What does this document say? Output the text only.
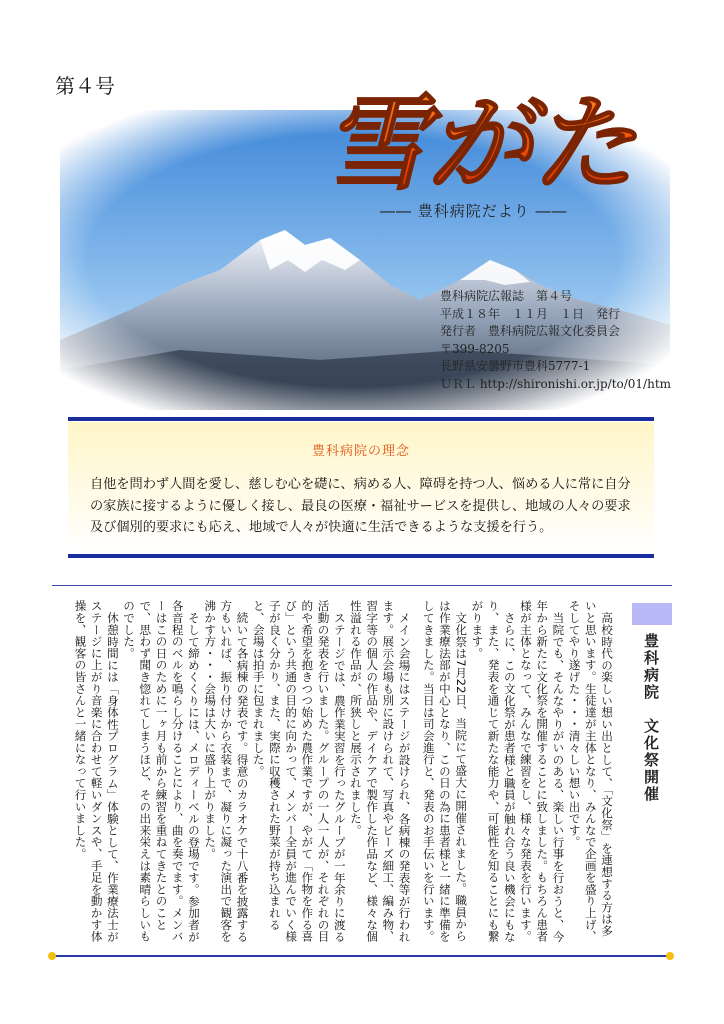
第４号 雪がた
―― 豊科病院だより ――
豊科病院広報誌　第４号
平成１８年　１１月　１日　発行
発行者　豊科病院広報文化委員会
〒399-8205
長野県安曇野市豊科5777-1
ＵＲＬ http://shironishi.or.jp/to/01/htm
豊科病院の理念
自他を問わず人間を愛し、慈しむ心を礎に、病める人、障碍を持つ人、悩める人に常に自分の家族に接するように優しく接し、最良の医療・福祉サービスを提供し、地域の人々の要求及び個別的要求にも応え、地域で人々が快適に生活できるような支援を行う。
豊科病院　文化祭開催

高校時代の楽しい想い出として、「文化祭」を連想する方は多いと思います。生徒達が主体となり、みんなで企画を盛り上げ、そしてやり遂げた・・・清々しい想い出です。

当院でも、そんなやりがいのある、楽しい行事を行おうと、今年から新たに文化祭を開催することに致しました。もちろん患者様が主体となって、みんなで練習をし、様々な発表を行います。

さらに、この文化祭が患者様と職員が触れ合う良い機会にもなり、また、発表を通じて新たな能力や、可能性を知ることにも繋がります。

文化祭は7月22日、当院にて盛大に開催されました。職員からは作業療法部が中心となり、この日の為に患者様と一緒に準備をしてきました。当日は司会進行と、発表のお手伝いを行います。

メイン会場にはステージが設けられ、各病棟の発表等が行われます。展示会場も別に設けられて、写真やビーズ細工、編み物、習字等の個人の作品や、デイケアで製作した作品など、様々な個性溢れる作品が、所狭しと展示されました。

ステージでは、農作業実習を行ったグループが一年余りに渡る活動の発表を行いました。グループの一人一人が、それぞれの目的や希望を抱きつつ始めた農作業ですが、やがて「作物を作る喜び」という共通の目的に向かって、メンバー全員が進んでいく様子が良く分かり、また、実際に収穫された野菜が持ち込まれると、会場は拍手に包まれました。

続いて各病棟の発表です。得意のカラオケで十八番を披露する方もいれば、振り付けから衣装まで、凝りに凝った演出で観客を沸かす方・・・会場は大いに盛り上がりました。

そして締めくくりには、メロディーベルの登場です。参加者が各音程のベルを鳴らし分けることにより、曲を奏でます。メンバーはこの日のために一ヶ月も前から練習を重ねてきたとのことで、思わず聞き惚れてしまうほど、その出来栄えは素晴らしいものでした。

休憩時間には「身体性プログラム」体験として、作業療法士がステージに上がり音楽に合わせて軽いダンスや、手足を動かす体操を、観客の皆さんと一緒になって行いました。
